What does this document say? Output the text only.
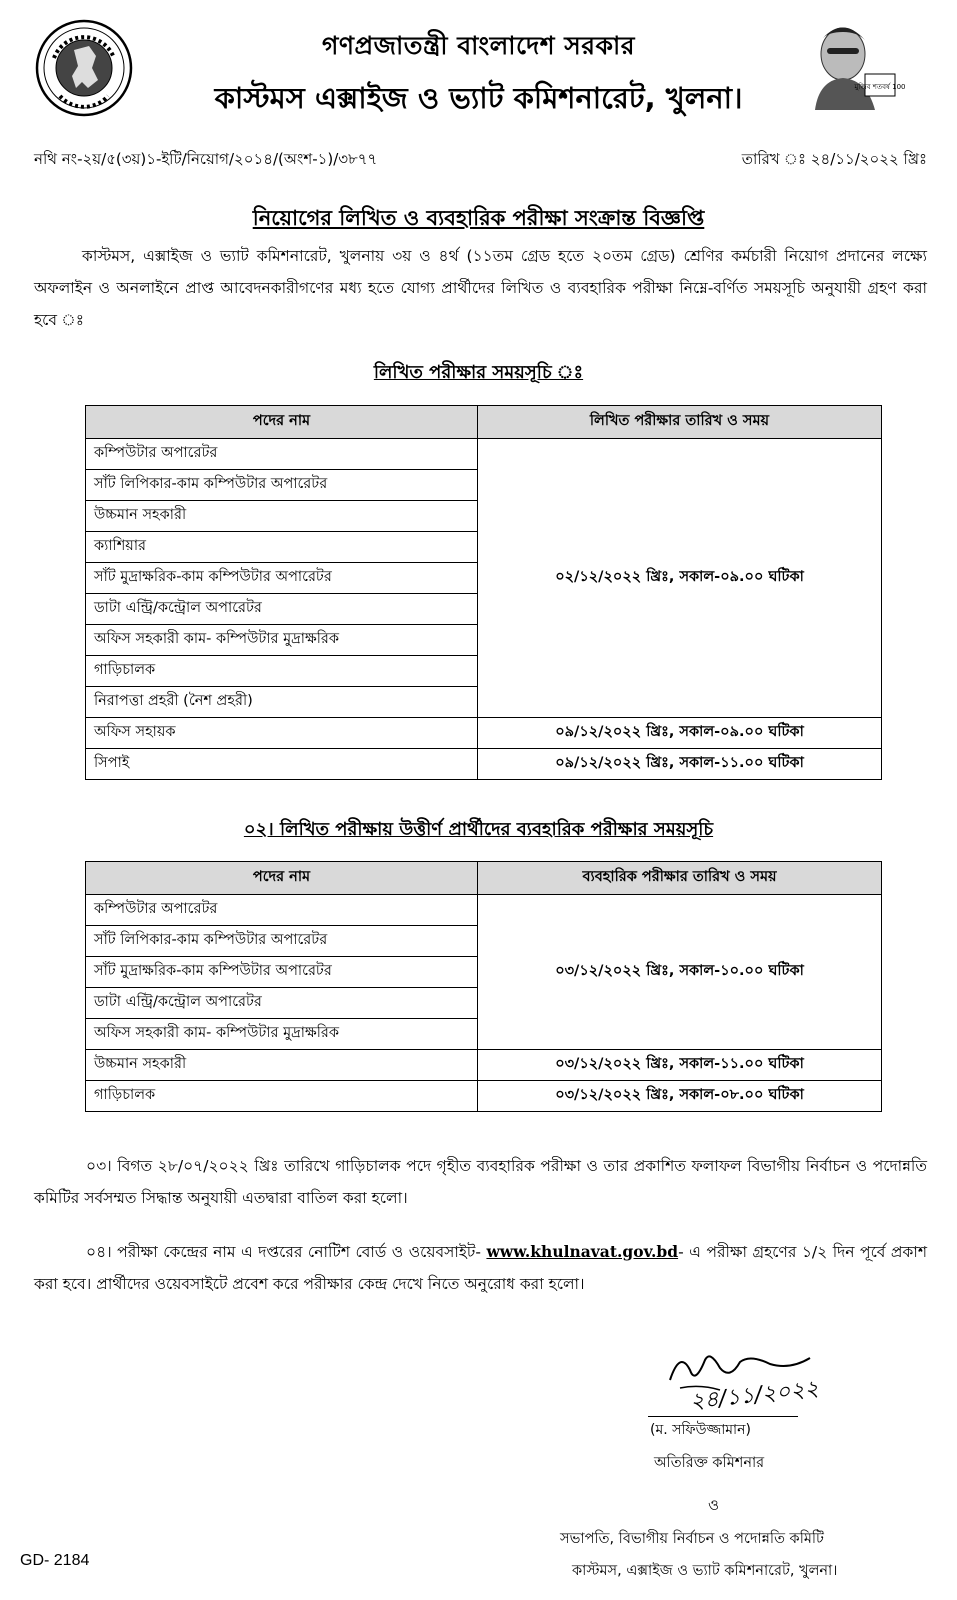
গণপ্রজাতন্ত্রী বাংলাদেশ সরকার
কাস্টমস এক্সাইজ ও ভ্যাট কমিশনারেট, খুলনা।	মুজিব শতবর্ষ 100
নথি নং-২য়/৫(৩য়)১-ইটি/নিয়োগ/২০১৪/(অংশ-১)/৩৮৭৭	তারিখ ঃ ২৪/১১/২০২২ খ্রিঃ
নিয়োগের লিখিত ও ব্যবহারিক পরীক্ষা সংক্রান্ত বিজ্ঞপ্তি
কাস্টমস, এক্সাইজ ও ভ্যাট কমিশনারেট, খুলনায় ৩য় ও ৪র্থ (১১তম গ্রেড হতে ২০তম গ্রেড) শ্রেণির কর্মচারী নিয়োগ প্রদানের লক্ষ্যে অফলাইন ও অনলাইনে প্রাপ্ত আবেদনকারীগণের মধ্য হতে যোগ্য প্রার্থীদের লিখিত ও ব্যবহারিক পরীক্ষা নিম্নে-বর্ণিত সময়সূচি অনুযায়ী গ্রহণ করা হবে ঃ
লিখিত পরীক্ষার সময়সূচি ঃ
পদের নাম	লিখিত পরীক্ষার তারিখ ও সময়
কম্পিউটার অপারেটর	০২/১২/২০২২ খ্রিঃ, সকাল-০৯.০০ ঘটিকা
সাঁট লিপিকার-কাম কম্পিউটার অপারেটর	
উচ্চমান সহকারী	
ক্যাশিয়ার	
সাঁট মুদ্রাক্ষরিক-কাম কম্পিউটার অপারেটর	
ডাটা এন্ট্রি/কন্ট্রোল অপারেটর	
অফিস সহকারী কাম- কম্পিউটার মুদ্রাক্ষরিক	
গাড়িচালক	
নিরাপত্তা প্রহরী (নৈশ প্রহরী)	
অফিস সহায়ক	০৯/১২/২০২২ খ্রিঃ, সকাল-০৯.০০ ঘটিকা
সিপাই	০৯/১২/২০২২ খ্রিঃ, সকাল-১১.০০ ঘটিকা
০২। লিখিত পরীক্ষায় উত্তীর্ণ প্রার্থীদের ব্যবহারিক পরীক্ষার সময়সূচি
পদের নাম	ব্যবহারিক পরীক্ষার তারিখ ও সময়
কম্পিউটার অপারেটর	০৩/১২/২০২২ খ্রিঃ, সকাল-১০.০০ ঘটিকা
সাঁট লিপিকার-কাম কম্পিউটার অপারেটর	
সাঁট মুদ্রাক্ষরিক-কাম কম্পিউটার অপারেটর	
ডাটা এন্ট্রি/কন্ট্রোল অপারেটর	
অফিস সহকারী কাম- কম্পিউটার মুদ্রাক্ষরিক	
উচ্চমান সহকারী	০৩/১২/২০২২ খ্রিঃ, সকাল-১১.০০ ঘটিকা
গাড়িচালক	০৩/১২/২০২২ খ্রিঃ, সকাল-০৮.০০ ঘটিকা
০৩। বিগত ২৮/০৭/২০২২ খ্রিঃ তারিখে গাড়িচালক পদে গৃহীত ব্যবহারিক পরীক্ষা ও তার প্রকাশিত ফলাফল বিভাগীয় নির্বাচন ও পদোন্নতি কমিটির সর্বসম্মত সিদ্ধান্ত অনুযায়ী এতদ্বারা বাতিল করা হলো।
০৪। পরীক্ষা কেন্দ্রের নাম এ দপ্তরের নোটিশ বোর্ড ও ওয়েবসাইট- www.khulnavat.gov.bd- এ পরীক্ষা গ্রহণের ১/২ দিন পূর্বে প্রকাশ করা হবে। প্রার্থীদের ওয়েবসাইটে প্রবেশ করে পরীক্ষার কেন্দ্র দেখে নিতে অনুরোধ করা হলো।
২৪/১১/২০২২
(ম. সফিউজ্জামান)
অতিরিক্ত কমিশনার
ও
সভাপতি, বিভাগীয় নির্বাচন ও পদোন্নতি কমিটি
কাস্টমস, এক্সাইজ ও ভ্যাট কমিশনারেট, খুলনা।
GD- 2184
